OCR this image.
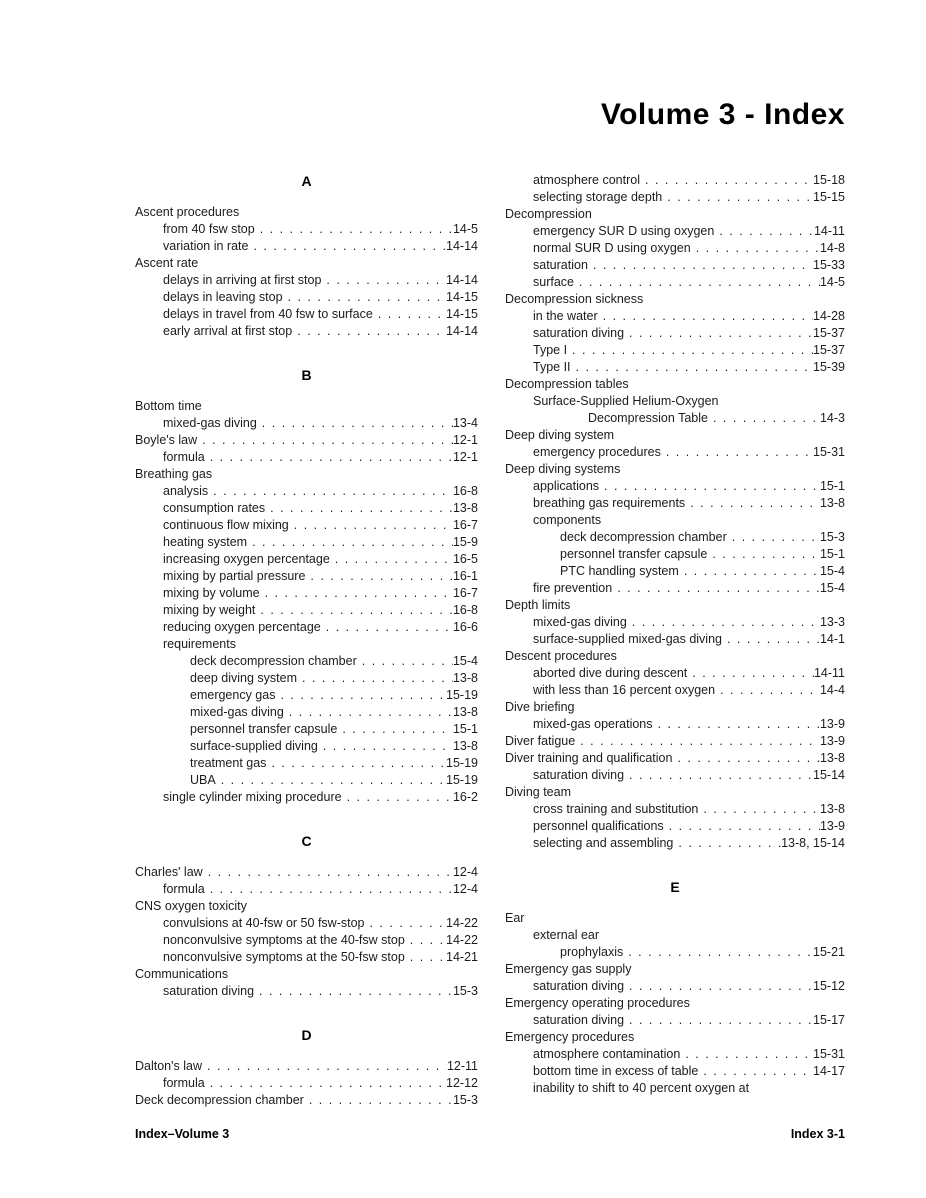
Volume 3 - Index
A
Ascent procedures
from 40 fsw stop . . .	14-5
variation in rate . . .	14-14
Ascent rate
delays in arriving at first stop . . .	14-14
delays in leaving stop . . .	14-15
delays in travel from 40 fsw to surface . . .	14-15
early arrival at first stop . . .	14-14
B
Bottom time
mixed-gas diving . . .	13-4
Boyle's law . . .	12-1
formula . . .	12-1
Breathing gas
analysis . . .	16-8
consumption rates . . .	13-8
continuous flow mixing . . .	16-7
heating system . . .	15-9
increasing oxygen percentage . . .	16-5
mixing by partial pressure . . .	16-1
mixing by volume . . .	16-7
mixing by weight . . .	16-8
reducing oxygen percentage . . .	16-6
requirements
deck decompression chamber . . .	15-4
deep diving system . . .	13-8
emergency gas . . .	15-19
mixed-gas diving . . .	13-8
personnel transfer capsule . . .	15-1
surface-supplied diving . . .	13-8
treatment gas . . .	15-19
UBA . . .	15-19
single cylinder mixing procedure . . .	16-2
C
Charles' law . . .	12-4
formula . . .	12-4
CNS oxygen toxicity
convulsions at 40-fsw or 50 fsw-stop . . .	14-22
nonconvulsive symptoms at the 40-fsw stop . . .	14-22
nonconvulsive symptoms at the 50-fsw stop . . .	14-21
Communications
saturation diving . . .	15-3
D
Dalton's law . . .	12-11
formula . . .	12-12
Deck decompression chamber . . .	15-3
atmosphere control . . .	15-18
selecting storage depth . . .	15-15
Decompression
emergency SUR D using oxygen . . .	14-11
normal SUR D using oxygen . . .	14-8
saturation . . .	15-33
surface . . .	14-5
Decompression sickness
in the water . . .	14-28
saturation diving . . .	15-37
Type I . . .	15-37
Type II . . .	15-39
Decompression tables
Surface-Supplied Helium-Oxygen
Decompression Table . . .	14-3
Deep diving system
emergency procedures . . .	15-31
Deep diving systems
applications . . .	15-1
breathing gas requirements . . .	13-8
components
deck decompression chamber . . .	15-3
personnel transfer capsule . . .	15-1
PTC handling system . . .	15-4
fire prevention . . .	15-4
Depth limits
mixed-gas diving . . .	13-3
surface-supplied mixed-gas diving . . .	14-1
Descent procedures
aborted dive during descent . . .	14-11
with less than 16 percent oxygen . . .	14-4
Dive briefing
mixed-gas operations . . .	13-9
Diver fatigue . . .	13-9
Diver training and qualification . . .	13-8
saturation diving . . .	15-14
Diving team
cross training and substitution . . .	13-8
personnel qualifications . . .	13-9
selecting and assembling . . .	13-8, 15-14
E
Ear
external ear
prophylaxis . . .	15-21
Emergency gas supply
saturation diving . . .	15-12
Emergency operating procedures
saturation diving . . .	15-17
Emergency procedures
atmosphere contamination . . .	15-31
bottom time in excess of table . . .	14-17
inability to shift to 40 percent oxygen at
Index–Volume 3	Index 3-1
